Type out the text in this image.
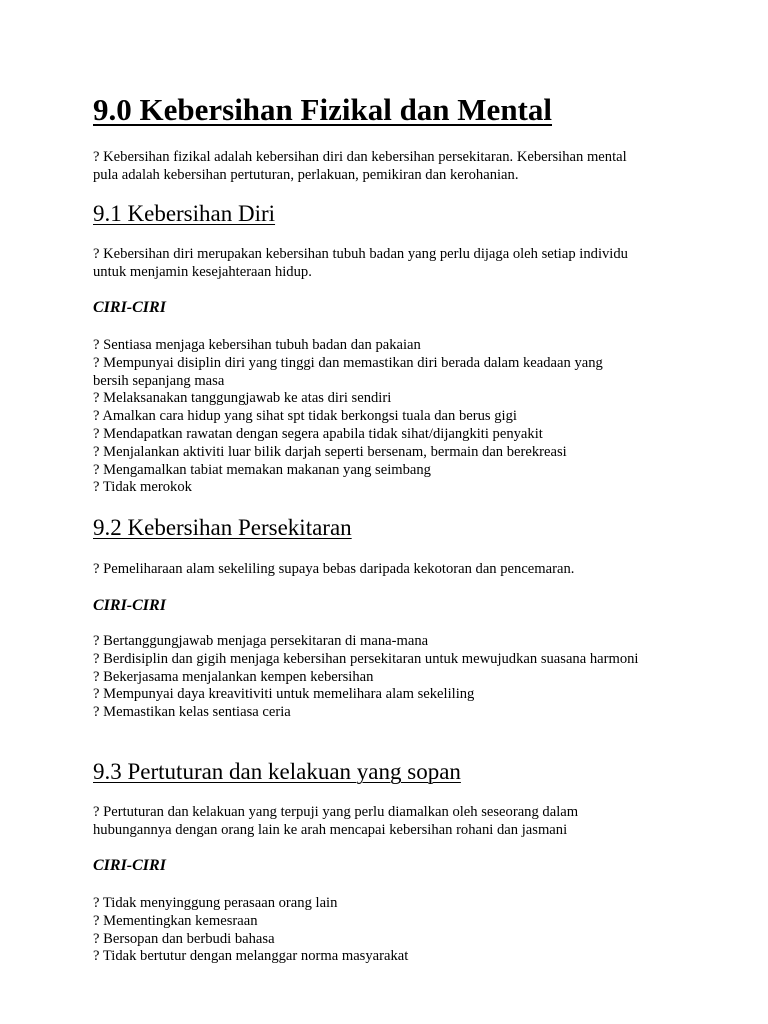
9.0 Kebersihan Fizikal dan Mental
? Kebersihan fizikal adalah kebersihan diri dan kebersihan persekitaran. Kebersihan mental
pula adalah kebersihan pertuturan, perlakuan, pemikiran dan kerohanian.
9.1 Kebersihan Diri
? Kebersihan diri merupakan kebersihan tubuh badan yang perlu dijaga oleh setiap individu
untuk menjamin kesejahteraan hidup.
CIRI-CIRI
? Sentiasa menjaga kebersihan tubuh badan dan pakaian
? Mempunyai disiplin diri yang tinggi dan memastikan diri berada dalam keadaan yang
bersih sepanjang masa
? Melaksanakan tanggungjawab ke atas diri sendiri
? Amalkan cara hidup yang sihat spt tidak berkongsi tuala dan berus gigi
? Mendapatkan rawatan dengan segera apabila tidak sihat/dijangkiti penyakit
? Menjalankan aktiviti luar bilik darjah seperti bersenam, bermain dan berekreasi
? Mengamalkan tabiat memakan makanan yang seimbang
? Tidak merokok
9.2 Kebersihan Persekitaran
? Pemeliharaan alam sekeliling supaya bebas daripada kekotoran dan pencemaran.
CIRI-CIRI
? Bertanggungjawab menjaga persekitaran di mana-mana
? Berdisiplin dan gigih menjaga kebersihan persekitaran untuk mewujudkan suasana harmoni
? Bekerjasama menjalankan kempen kebersihan
? Mempunyai daya kreavitiviti untuk memelihara alam sekeliling
? Memastikan kelas sentiasa ceria
9.3 Pertuturan dan kelakuan yang sopan
? Pertuturan dan kelakuan yang terpuji yang perlu diamalkan oleh seseorang dalam
hubungannya dengan orang lain ke arah mencapai kebersihan rohani dan jasmani
CIRI-CIRI
? Tidak menyinggung perasaan orang lain
? Mementingkan kemesraan
? Bersopan dan berbudi bahasa
? Tidak bertutur dengan melanggar norma masyarakat
